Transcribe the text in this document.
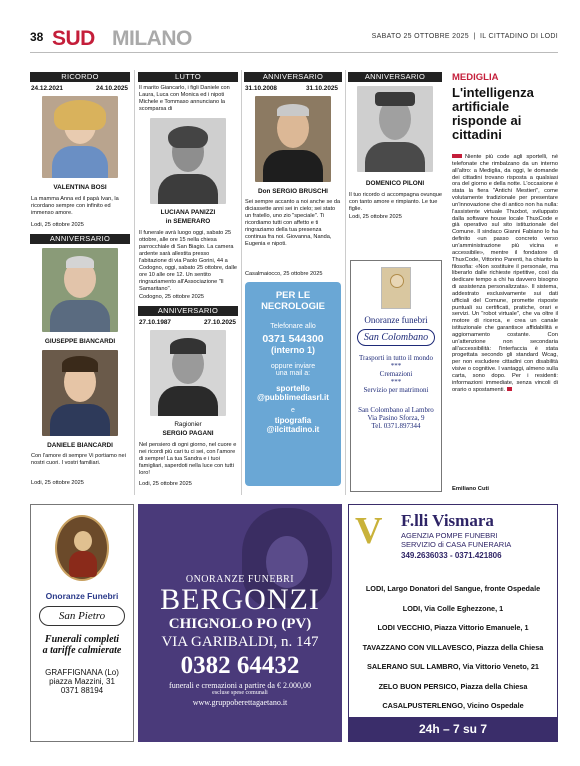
38 SUD MILANO	SABATO 25 OTTOBRE 2025  |  IL CITTADINO DI LODI
RICORDO
24.12.2021	24.10.2025
VALENTINA BOSI
La mamma Anna ed il papà Ivan, la ricordano sempre con infinito ed immenso amore.
Lodi, 25 ottobre 2025
ANNIVERSARIO
GIUSEPPE BIANCARDI
DANIELE BIANCARDI
Con l'amore di sempre Vi portiamo nei nostri cuori. I vostri familiari.
Lodi, 25 ottobre 2025
LUTTO
Il marito Giancarlo, i figli Daniele con Laura, Luca con Monica ed i nipoti Michele e Tommaso annunciano la scomparsa di
LUCIANA PANIZZI
in SEMERARO
Il funerale avrà luogo oggi, sabato 25 ottobre, alle ore 15 nella chiesa parrocchiale di San Biagio. La camera ardente sarà allestita presso l'abitazione di via Paolo Gorini, 44 a Codogno, oggi, sabato 25 ottobre, dalle ore 10 alle ore 12. Un sentito ringraziamento all'Associazione "Il Samaritano".
Codogno, 25 ottobre 2025
ANNIVERSARIO
27.10.1987	27.10.2025
Ragionier
SERGIO PAGANI
Nel pensiero di ogni giorno, nel cuore e nei ricordi più cari tu ci sei, con l'amore di sempre! La tua Sandra e i tuoi famigliari, saperdoti nella luce con tutti loro!
Lodi, 25 ottobre 2025
ANNIVERSARIO
31.10.2008	31.10.2025
Don SERGIO BRUSCHI
Sei sempre accanto a noi anche se da diciassette anni sei in cielo; sei stato un fratello, uno zio "speciale". Ti ricordiamo tutti con affetto e ti ringraziamo della tua presenza continua fra noi. Giovanna, Nanda, Eugenia e nipoti.
Casalmaiocco, 25 ottobre 2025
PER LE
NECROLOGIE
Telefonare allo
0371 544300
(interno 1)
oppure inviare
una mail a:
sportello
@pubblimediasrl.it
e
tipografia
@ilcittadino.it
ANNIVERSARIO
DOMENICO PILONI
Il tuo ricordo ci accompagna ovunque con tanto amore e rimpianto. Le tue figlie.
Lodi, 25 ottobre 2025
Onoranze funebri
San Colombano
Trasporti in tutto il mondo
***
Cremazioni
***
Servizio per matrimoni
San Colombano al Lambro
Via Pasino Sforza, 9
Tel. 0371.897344
MEDIGLIA
L'intelligenza artificiale risponde ai cittadini
Niente più code agli sportelli, né telefonate che rimbalzano da un interno all'altro: a Mediglia, da oggi, le domande dei cittadini trovano risposta a qualsiasi ora del giorno e della notte. L'occasione è stata la fiera "Antichi Mestieri", come volutamente tradizionale per presentare un'innovazione che di antico non ha nulla: l'assistente virtuale Thuxbot, sviluppato dalla software house locale ThuxCode e già operativo sul sito istituzionale del Comune. Il sindaco Gianni Fabiano lo ha definito «un passo concreto verso un'amministrazione più vicina e accessibile», mentre il fondatore di ThuxCode, Vittorino Parenti, ha chiarito la filosofia: «Non sostituire il personale, ma liberarlo dalle richieste ripetitive, così da dedicare tempo a chi ha davvero bisogno di assistenza personalizzata». Il sistema, addestrato esclusivamente sui dati ufficiali del Comune, promette risposte puntuali su certificati, pratiche, orari e servizi. Un "robot virtuale", che va oltre il motore di ricerca, e crea un canale istituzionale che garantisce affidabilità e aggiornamento costante. Con un'attenzione non secondaria all'accessibilità: l'interfaccia è stata progettata secondo gli standard Wcag, per non escludere cittadini con disabilità visive o cognitive. I vantaggi, almeno sulla carta, sono dopo. Per i residenti: informazioni immediate, senza vincoli di orario o spostamenti.
Emiliano Cuti
Onoranze Funebri
San Pietro
Funerali completi
a tariffe calmierate
GRAFFIGNANA (Lo)
piazza Mazzini, 31
0371 88194
ONORANZE FUNEBRI
BERGONZI
CHIGNOLO PO (PV)
VIA GARIBALDI, n. 147
0382 64432
funerali e cremazioni a partire da € 2.000,00
escluse spese comunali
www.gruppoberettagaetano.it
V F.lli Vismara
AGENZIA POMPE FUNEBRI
SERVIZIO di CASA FUNERARIA
349.2636033 - 0371.421806
LODI, Largo Donatori del Sangue, fronte Ospedale
LODI, Via Colle Eghezzone, 1
LODI VECCHIO, Piazza Vittorio Emanuele, 1
TAVAZZANO CON VILLAVESCO, Piazza della Chiesa
SALERANO SUL LAMBRO, Via Vittorio Veneto, 21
ZELO BUON PERSICO, Piazza della Chiesa
CASALPUSTERLENGO, Vicino Ospedale
24h – 7 su 7
